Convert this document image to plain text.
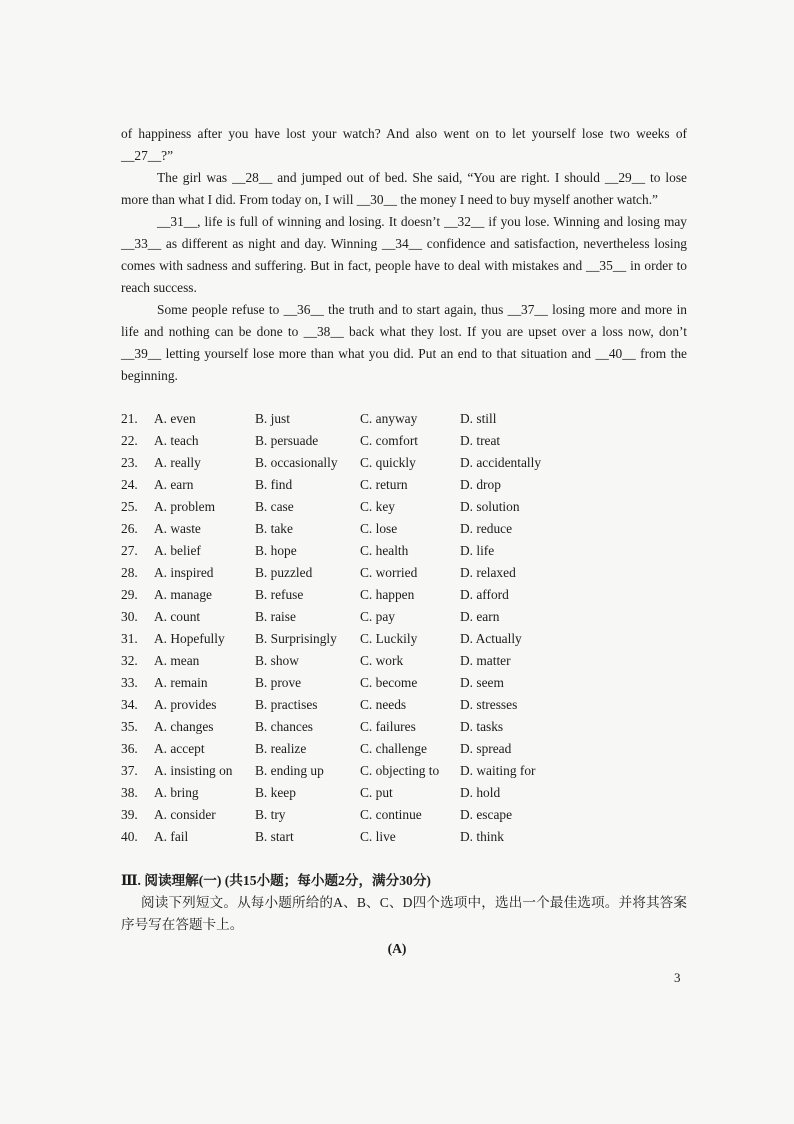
of happiness after you have lost your watch? And also went on to let yourself lose two weeks of __27__?”

The girl was __28__ and jumped out of bed. She said, “You are right. I should __29__ to lose more than what I did. From today on, I will __30__ the money I need to buy myself another watch.”

__31__, life is full of winning and losing. It doesn’t __32__ if you lose. Winning and losing may __33__ as different as night and day. Winning __34__ confidence and satisfaction, nevertheless losing comes with sadness and suffering. But in fact, people have to deal with mistakes and __35__ in order to reach success.

Some people refuse to __36__ the truth and to start again, thus __37__ losing more and more in life and nothing can be done to __38__ back what they lost. If you are upset over a loss now, don’t __39__ letting yourself lose more than what you did. Put an end to that situation and __40__ from the beginning.

21. A. even	B. just	C. anyway	D. still
22. A. teach	B. persuade	C. comfort	D. treat
23. A. really	B. occasionally C. quickly	D. accidentally
24. A. earn	B. find	C. return	D. drop
25. A. problem	B. case	C. key	D. solution
26. A. waste	B. take	C. lose	D. reduce
27. A. belief	B. hope	C. health	D. life
28. A. inspired	B. puzzled	C. worried	D. relaxed
29. A. manage	B. refuse	C. happen	D. afford
30. A. count	B. raise	C. pay	D. earn
31. A. Hopefully B. Surprisingly C. Luckily	D. Actually
32. A. mean	B. show	C. work	D. matter
33. A. remain	B. prove	C. become	D. seem
34. A. provides	B. practises	C. needs	D. stresses
35. A. changes	B. chances	C. failures	D. tasks
36. A. accept	B. realize	C. challenge D. spread
37. A. insisting on B. ending up	C. objecting to D. waiting for
38. A. bring	B. keep	C. put	D. hold
39. A. consider	B. try	C. continue	D. escape
40. A. fail	B. start	C. live	D. think
Ⅲ. 阅读理解(一) (共15小题；每小题2分，满分30分)
阅读下列短文。从每小题所给的A、B、C、D四个选项中，选出一个最佳选项。并将其答案序号写在答题卡上。
(A)
3
